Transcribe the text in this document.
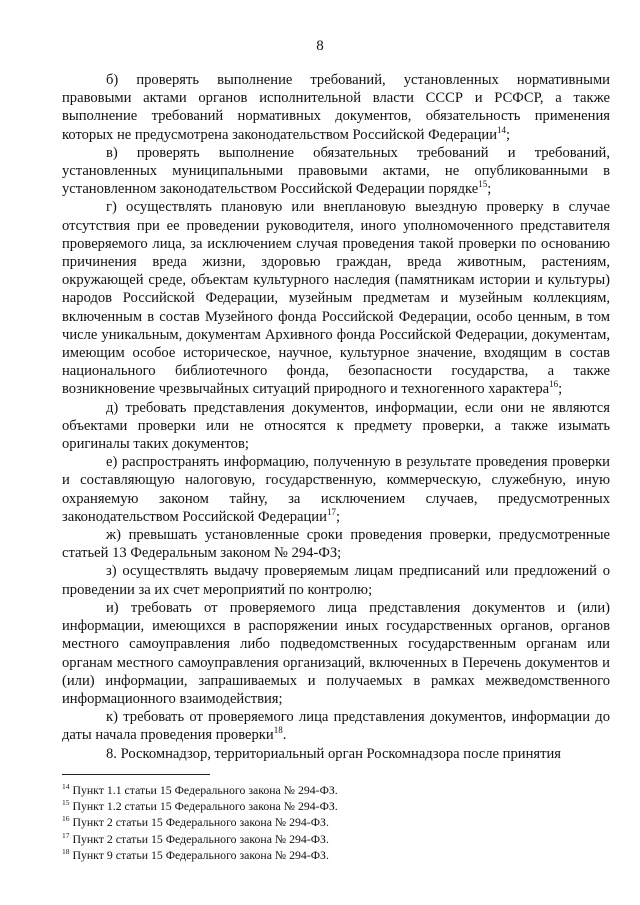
8

б) проверять выполнение требований, установленных нормативными правовыми актами органов исполнительной власти СССР и РСФСР, а также выполнение требований нормативных документов, обязательность применения которых не предусмотрена законодательством Российской Федерации$^{14}$;

в) проверять выполнение обязательных требований и требований, установленных муниципальными правовыми актами, не опубликованными в установленном законодательством Российской Федерации порядке$^{15}$;

г) осуществлять плановую или внеплановую выездную проверку в случае отсутствия при ее проведении руководителя, иного уполномоченного представителя проверяемого лица, за исключением случая проведения такой проверки по основанию причинения вреда жизни, здоровью граждан, вреда животным, растениям, окружающей среде, объектам культурного наследия (памятникам истории и культуры) народов Российской Федерации, музейным предметам и музейным коллекциям, включенным в состав Музейного фонда Российской Федерации, особо ценным, в том числе уникальным, документам Архивного фонда Российской Федерации, документам, имеющим особое историческое, научное, культурное значение, входящим в состав национального библиотечного фонда, безопасности государства, а также возникновение чрезвычайных ситуаций природного и техногенного характера$^{16}$;

д) требовать представления документов, информации, если они не являются объектами проверки или не относятся к предмету проверки, а также изымать оригиналы таких документов;

е) распространять информацию, полученную в результате проведения проверки и составляющую налоговую, государственную, коммерческую, служебную, иную охраняемую законом тайну, за исключением случаев, предусмотренных законодательством Российской Федерации$^{17}$;

ж) превышать установленные сроки проведения проверки, предусмотренные статьей 13 Федеральным законом № 294-ФЗ;

з) осуществлять выдачу проверяемым лицам предписаний или предложений о проведении за их счет мероприятий по контролю;

и) требовать от проверяемого лица представления документов и (или) информации, имеющихся в распоряжении иных государственных органов, органов местного самоуправления либо подведомственных государственным органам или органам местного самоуправления организаций, включенных в Перечень документов и (или) информации, запрашиваемых и получаемых в рамках межведомственного информационного взаимодействия;

к) требовать от проверяемого лица представления документов, информации до даты начала проведения проверки$^{18}$.

8. Роскомнадзор, территориальный орган Роскомнадзора после принятия

$^{14}$ Пункт 1.1 статьи 15 Федерального закона № 294-ФЗ.
$^{15}$ Пункт 1.2 статьи 15 Федерального закона № 294-ФЗ.
$^{16}$ Пункт 2 статьи 15 Федерального закона № 294-ФЗ.
$^{17}$ Пункт 2 статьи 15 Федерального закона № 294-ФЗ.
$^{18}$ Пункт 9 статьи 15 Федерального закона № 294-ФЗ.
